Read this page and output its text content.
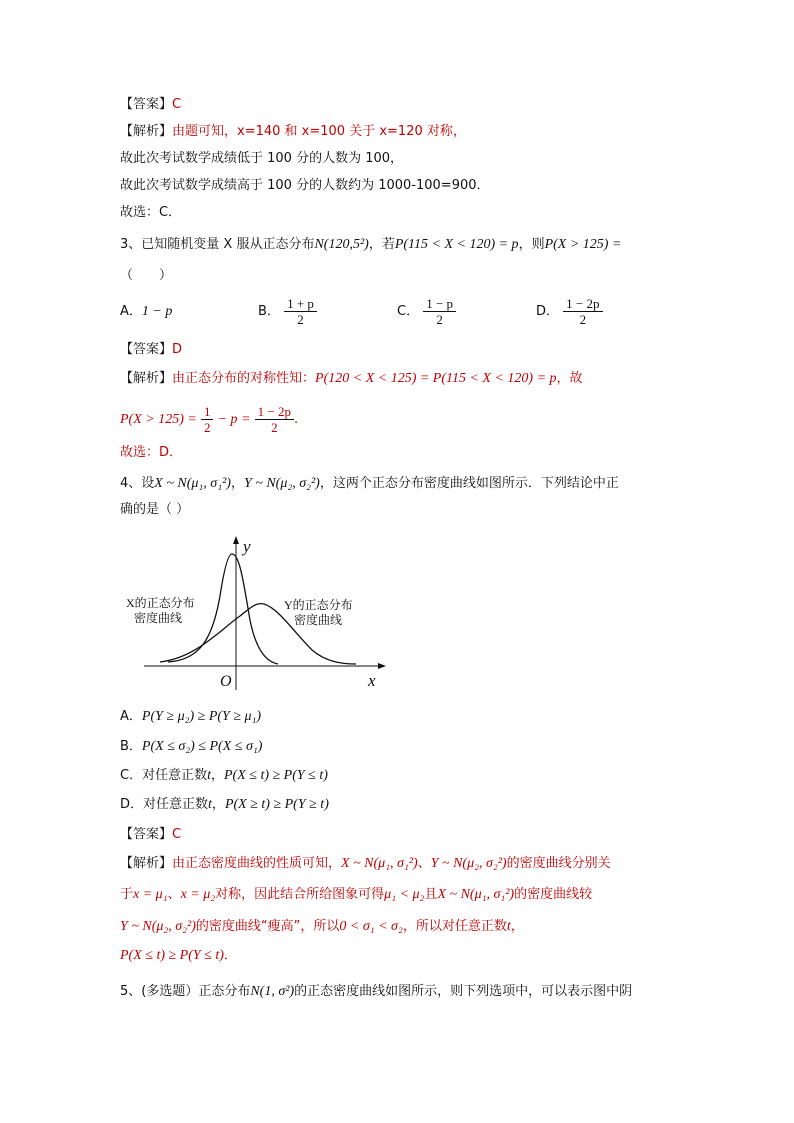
【答案】C
【解析】由题可知，x=140 和 x=100 关于 x=120 对称，
故此次考试数学成绩低于 100 分的人数为 100，
故此次考试数学成绩高于 100 分的人数约为 1000-100=900．
故选：C．
3、已知随机变量 X 服从正态分布N(120,5²)，若P(115 < X < 120) = p，则P(X > 125) =
（　　）
A．1 − p	B． $\frac{1 + p}{2}$	C． $\frac{1 - p}{2}$	D． $\frac{1 - 2p}{2}$
【答案】D
【解析】由正态分布的对称性知：P(120 < X < 125) = P(115 < X < 120) = p，故
$P(X > 125) = \frac{1}{2} - p = \frac{1 - 2p}{2}$ .
故选：D．
4、设X ~ N(μ₁, σ₁²)，Y ~ N(μ₂, σ₂²)，这两个正态分布密度曲线如图所示．下列结论中正
确的是（ ）
X的正态分布
密度曲线
Y的正态分布
密度曲线
y
x
O
A．P(Y ≥ μ₂) ≥ P(Y ≥ μ₁)
B．P(X ≤ σ₂) ≤ P(X ≤ σ₁)
C．对任意正数t，P(X ≤ t) ≥ P(Y ≤ t)
D．对任意正数t，P(X ≥ t) ≥ P(Y ≥ t)
【答案】C
【解析】由正态密度曲线的性质可知，X ~ N(μ₁, σ₁²)、Y ~ N(μ₂, σ₂²)的密度曲线分别关
于x = μ₁、x = μ₂对称，因此结合所给图象可得μ₁ < μ₂且X ~ N(μ₁, σ₁²)的密度曲线较
Y ~ N(μ₂, σ₂²)的密度曲线“瘦高”，所以0 < σ₁ < σ₂，所以对任意正数t，
P(X ≤ t) ≥ P(Y ≤ t)．
5、(多选题）正态分布N(1, σ²)的正态密度曲线如图所示，则下列选项中，可以表示图中阴
